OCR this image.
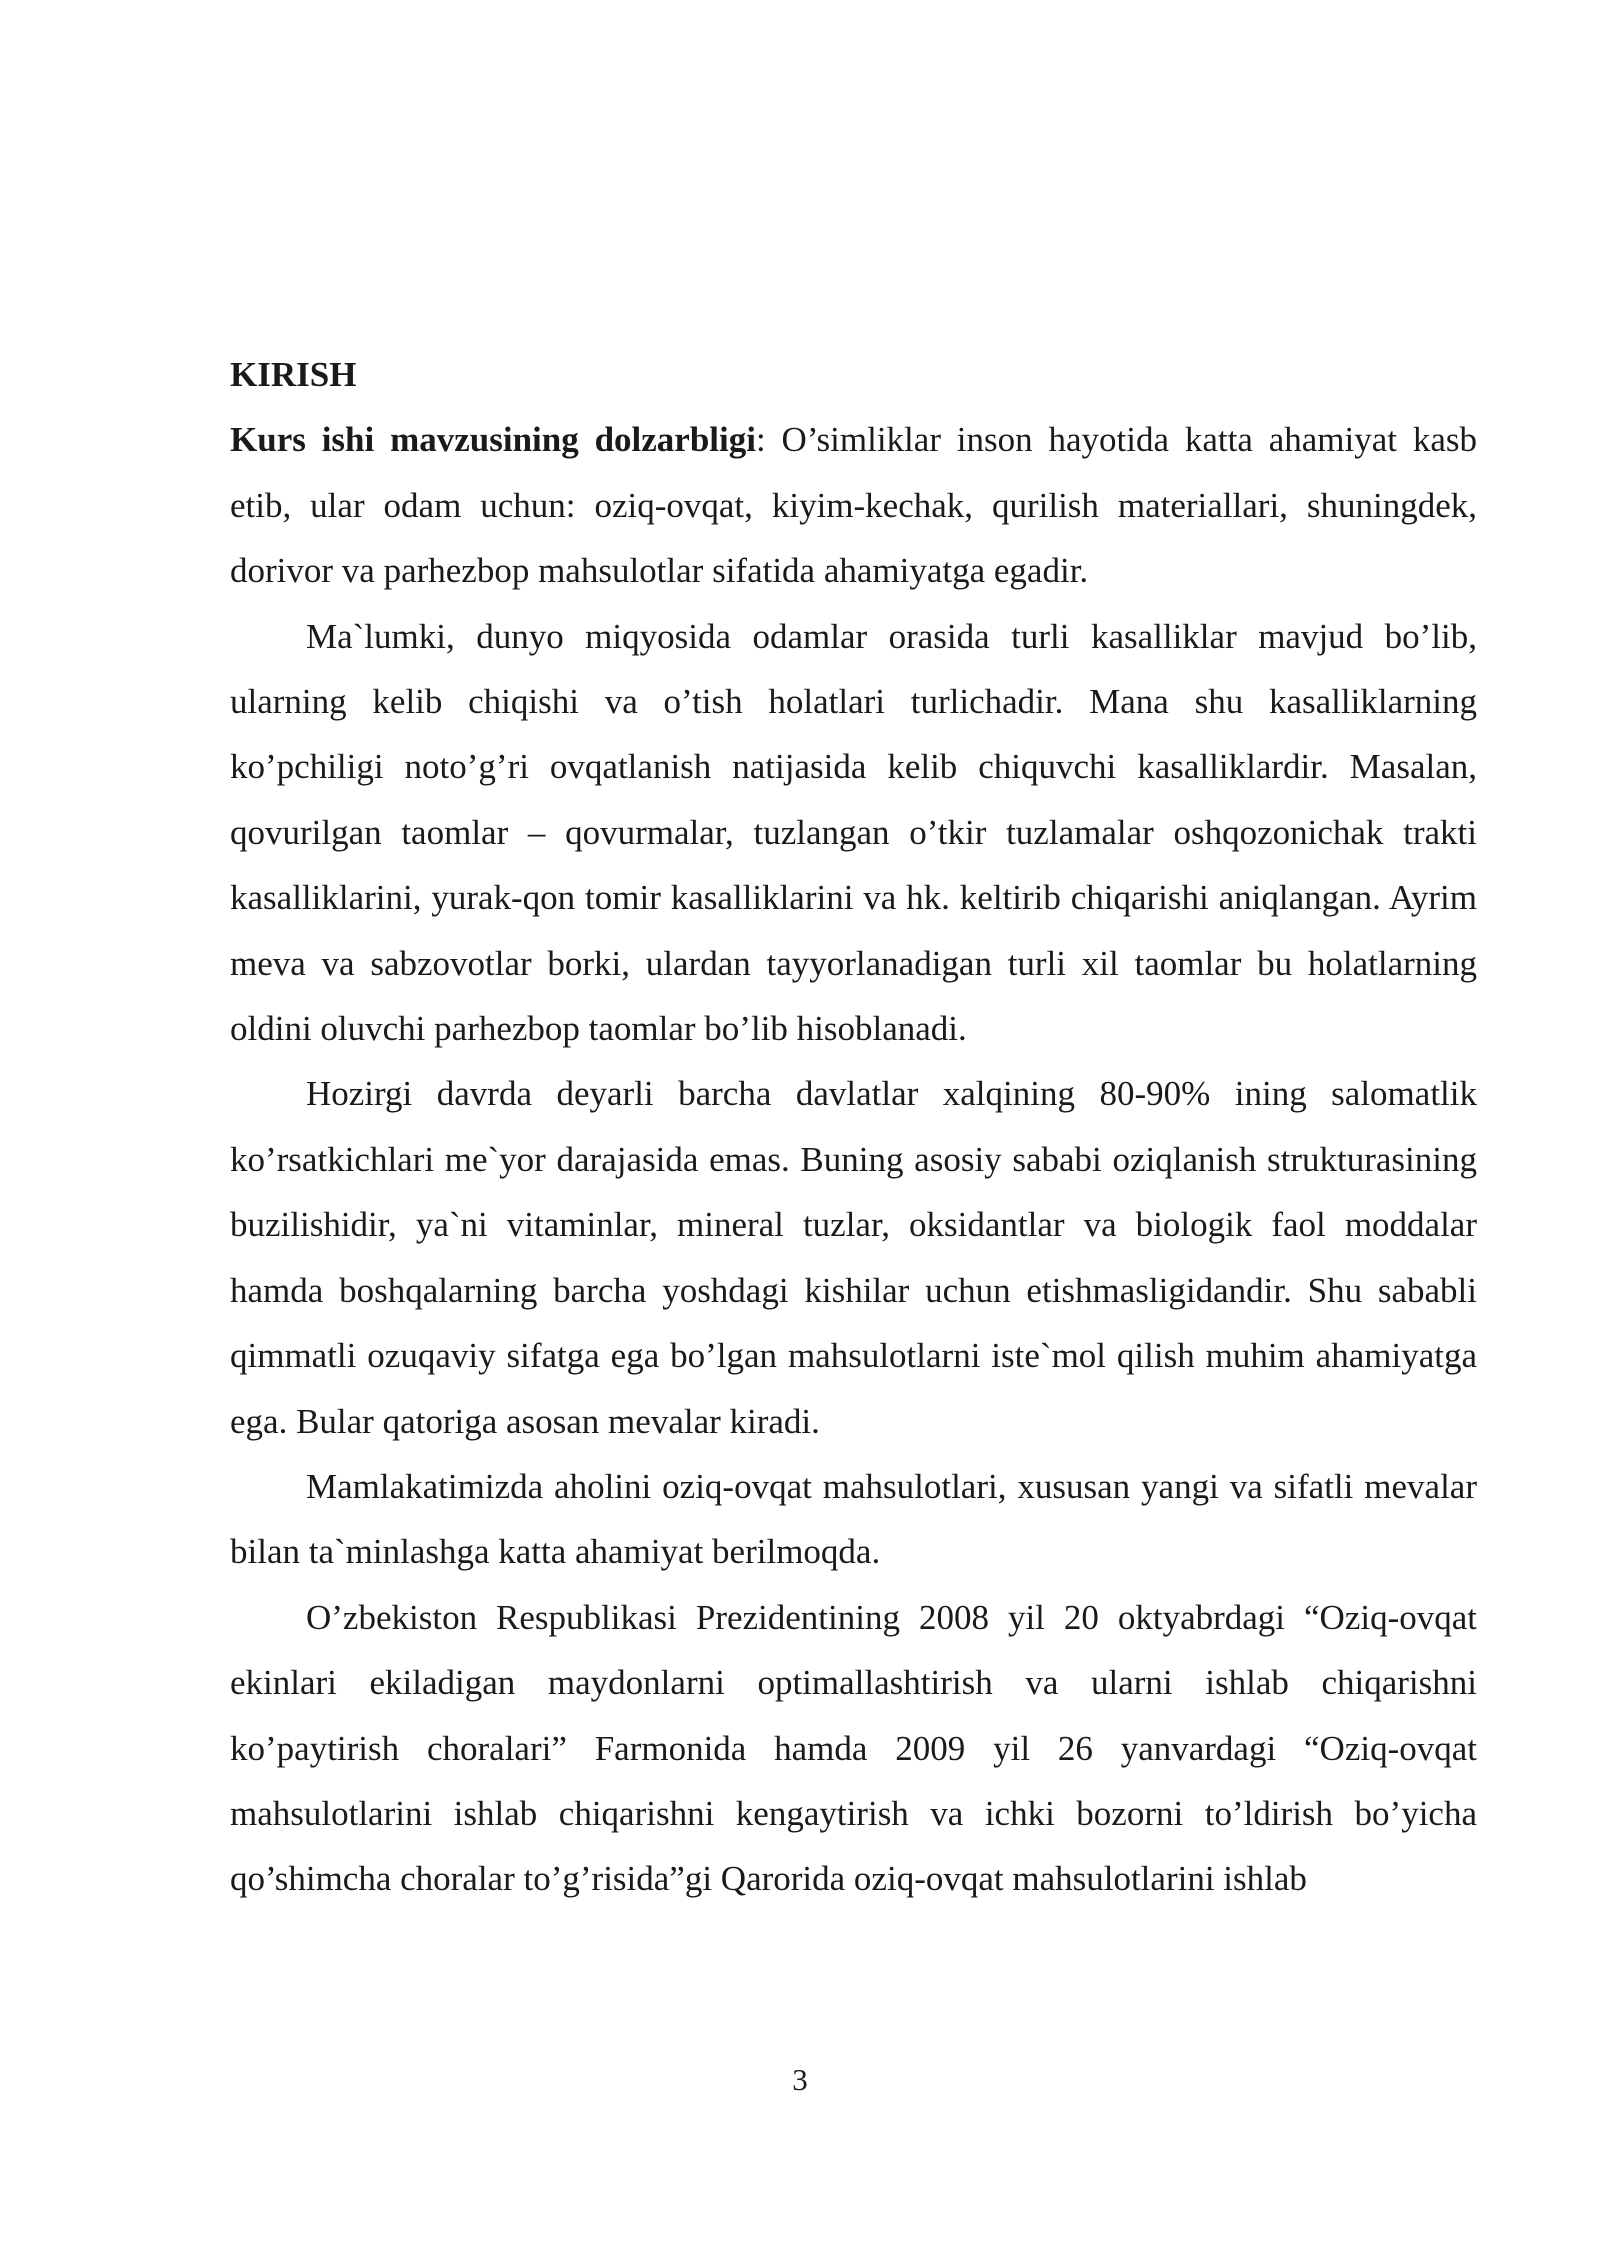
KIRISH

Kurs ishi mavzusining dolzarbligi: O’simliklar inson hayotida katta ahamiyat kasb etib, ular odam uchun: oziq-ovqat, kiyim-kechak, qurilish materiallari, shuningdek, dorivor va parhezbop mahsulotlar sifatida ahamiyatga egadir.

Ma`lumki, dunyo miqyosida odamlar orasida turli kasalliklar mavjud bo’lib, ularning kelib chiqishi va o’tish holatlari turlichadir. Mana shu kasalliklarning ko’pchiligi noto’g’ri ovqatlanish natijasida kelib chiquvchi kasalliklardir. Masalan, qovurilgan taomlar – qovurmalar, tuzlangan o’tkir tuzlamalar oshqozonichak trakti kasalliklarini, yurak-qon tomir kasalliklarini va hk. keltirib chiqarishi aniqlangan. Ayrim meva va sabzovotlar borki, ulardan tayyorlanadigan turli xil taomlar bu holatlarning oldini oluvchi parhezbop taomlar bo’lib hisoblanadi.

Hozirgi davrda deyarli barcha davlatlar xalqining 80-90% ining salomatlik ko’rsatkichlari me`yor darajasida emas. Buning asosiy sababi oziqlanish strukturasining buzilishidir, ya`ni vitaminlar, mineral tuzlar, oksidantlar va biologik faol moddalar hamda boshqalarning barcha yoshdagi kishilar uchun etishmasligidandir. Shu sababli qimmatli ozuqaviy sifatga ega bo’lgan mahsulotlarni iste`mol qilish muhim ahamiyatga ega. Bular qatoriga asosan mevalar kiradi.

Mamlakatimizda aholini oziq-ovqat mahsulotlari, xususan yangi va sifatli mevalar bilan ta`minlashga katta ahamiyat berilmoqda.

O’zbekiston Respublikasi Prezidentining 2008 yil 20 oktyabrdagi “Oziq-ovqat ekinlari ekiladigan maydonlarni optimallashtirish va ularni ishlab chiqarishni ko’paytirish choralari” Farmonida hamda 2009 yil 26 yanvardagi “Oziq-ovqat mahsulotlarini ishlab chiqarishni kengaytirish va ichki bozorni to’ldirish bo’yicha qo’shimcha choralar to’g’risida”gi Qarorida oziq-ovqat mahsulotlarini ishlab

3
